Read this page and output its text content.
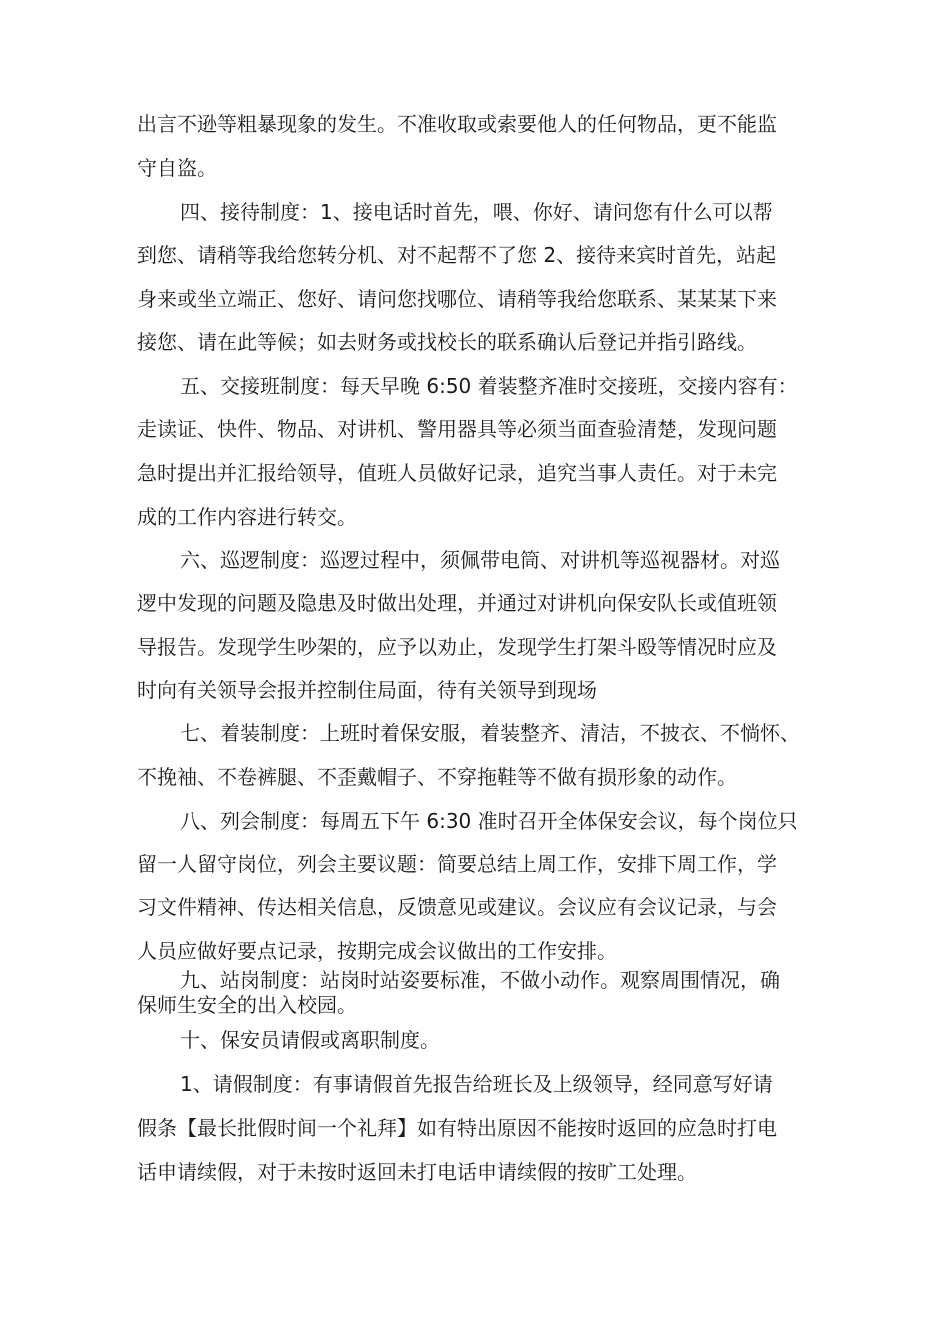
出言不逊等粗暴现象的发生。不准收取或索要他人的任何物品，更不能监
守自盗。
四、接待制度：1、接电话时首先，喂、你好、请问您有什么可以帮
到您、请稍等我给您转分机、对不起帮不了您 2、接待来宾时首先，站起
身来或坐立端正、您好、请问您找哪位、请稍等我给您联系、某某某下来
接您、请在此等候；如去财务或找校长的联系确认后登记并指引路线。
五、交接班制度：每天早晚 6:50 着装整齐准时交接班，交接内容有：
走读证、快件、物品、对讲机、警用器具等必须当面查验清楚，发现问题
急时提出并汇报给领导，值班人员做好记录，追究当事人责任。对于未完
成的工作内容进行转交。
六、巡逻制度：巡逻过程中，须佩带电筒、对讲机等巡视器材。对巡
逻中发现的问题及隐患及时做出处理，并通过对讲机向保安队长或值班领
导报告。发现学生吵架的，应予以劝止，发现学生打架斗殴等情况时应及
时向有关领导会报并控制住局面，待有关领导到现场
七、着装制度：上班时着保安服，着装整齐、清洁，不披衣、不惝怀、
不挽袖、不卷裤腿、不歪戴帽子、不穿拖鞋等不做有损形象的动作。
八、列会制度：每周五下午 6:30 准时召开全体保安会议，每个岗位只
留一人留守岗位，列会主要议题：简要总结上周工作，安排下周工作，学
习文件精神、传达相关信息，反馈意见或建议。会议应有会议记录，与会
人员应做好要点记录，按期完成会议做出的工作安排。
九、站岗制度：站岗时站姿要标准，不做小动作。观察周围情况，确
保师生安全的出入校园。
十、保安员请假或离职制度。
1、请假制度：有事请假首先报告给班长及上级领导，经同意写好请
假条【最长批假时间一个礼拜】如有特出原因不能按时返回的应急时打电
话申请续假，对于未按时返回未打电话申请续假的按旷工处理。
